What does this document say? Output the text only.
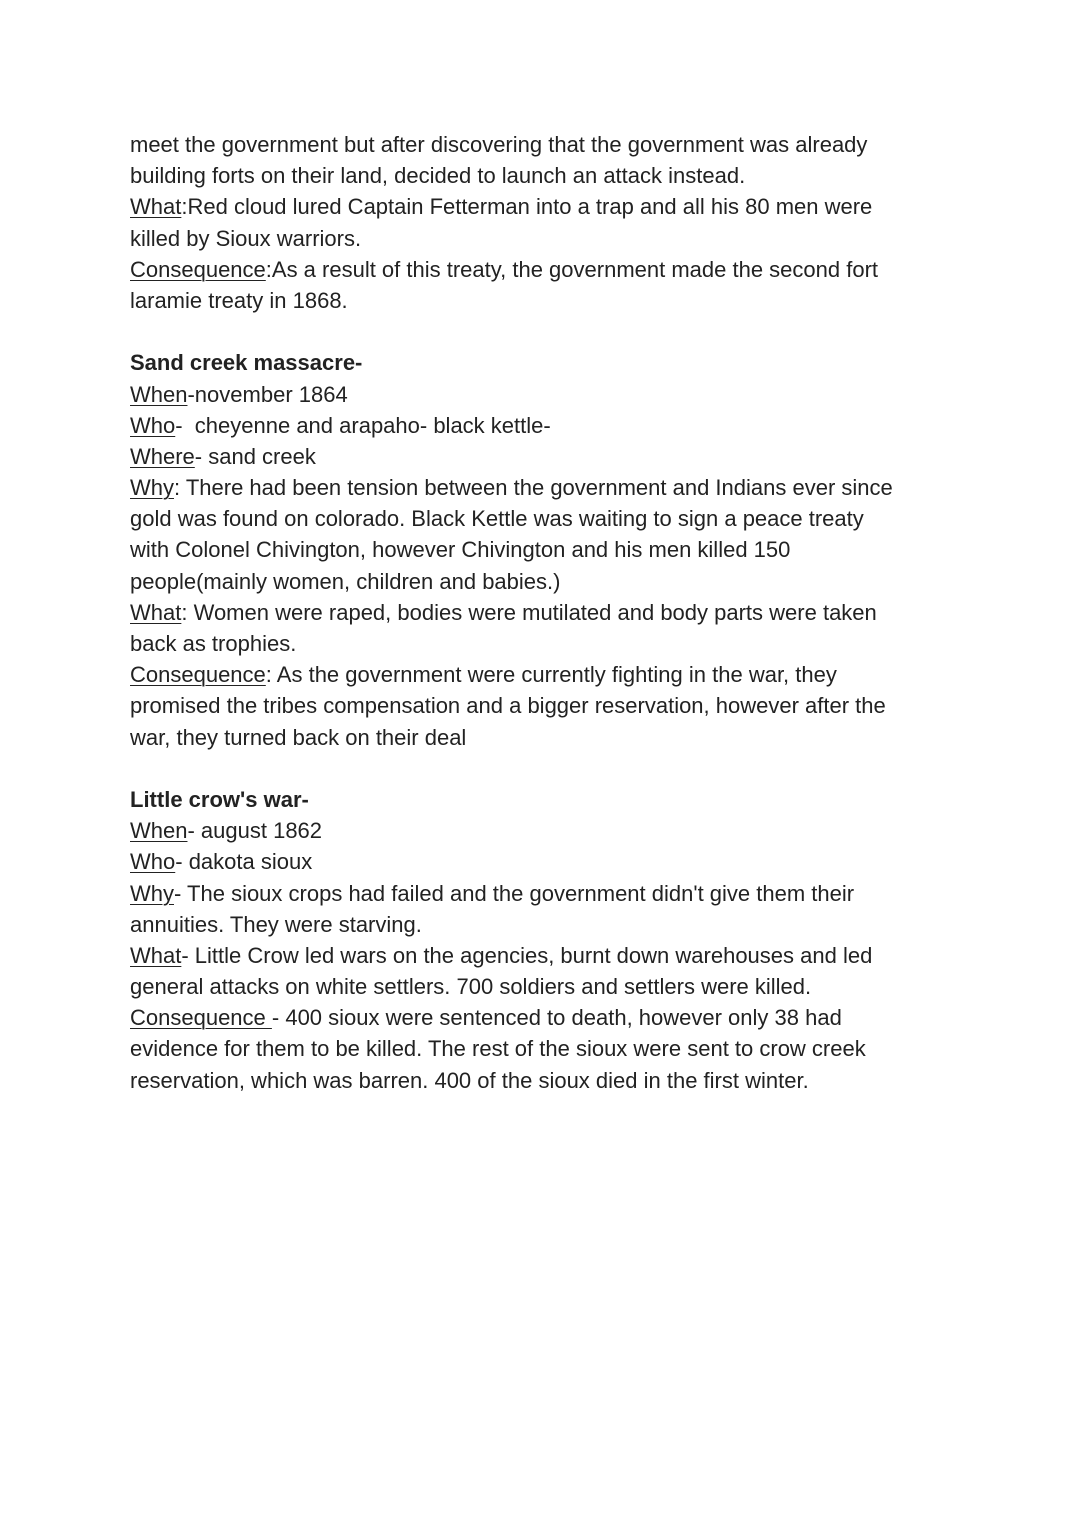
meet the government but after discovering that the government was already
building forts on their land, decided to launch an attack instead.
What:Red cloud lured Captain Fetterman into a trap and all his 80 men were
killed by Sioux warriors.
Consequence:As a result of this treaty, the government made the second fort
laramie treaty in 1868.
Sand creek massacre-
When-november 1864
Who-  cheyenne and arapaho- black kettle-
Where- sand creek
Why: There had been tension between the government and Indians ever since
gold was found on colorado. Black Kettle was waiting to sign a peace treaty
with Colonel Chivington, however Chivington and his men killed 150
people(mainly women, children and babies.)
What: Women were raped, bodies were mutilated and body parts were taken
back as trophies.
Consequence: As the government were currently fighting in the war, they
promised the tribes compensation and a bigger reservation, however after the
war, they turned back on their deal
Little crow's war-
When- august 1862
Who- dakota sioux
Why- The sioux crops had failed and the government didn't give them their
annuities. They were starving.
What- Little Crow led wars on the agencies, burnt down warehouses and led
general attacks on white settlers. 700 soldiers and settlers were killed.
Consequence - 400 sioux were sentenced to death, however only 38 had
evidence for them to be killed. The rest of the sioux were sent to crow creek
reservation, which was barren. 400 of the sioux died in the first winter.
